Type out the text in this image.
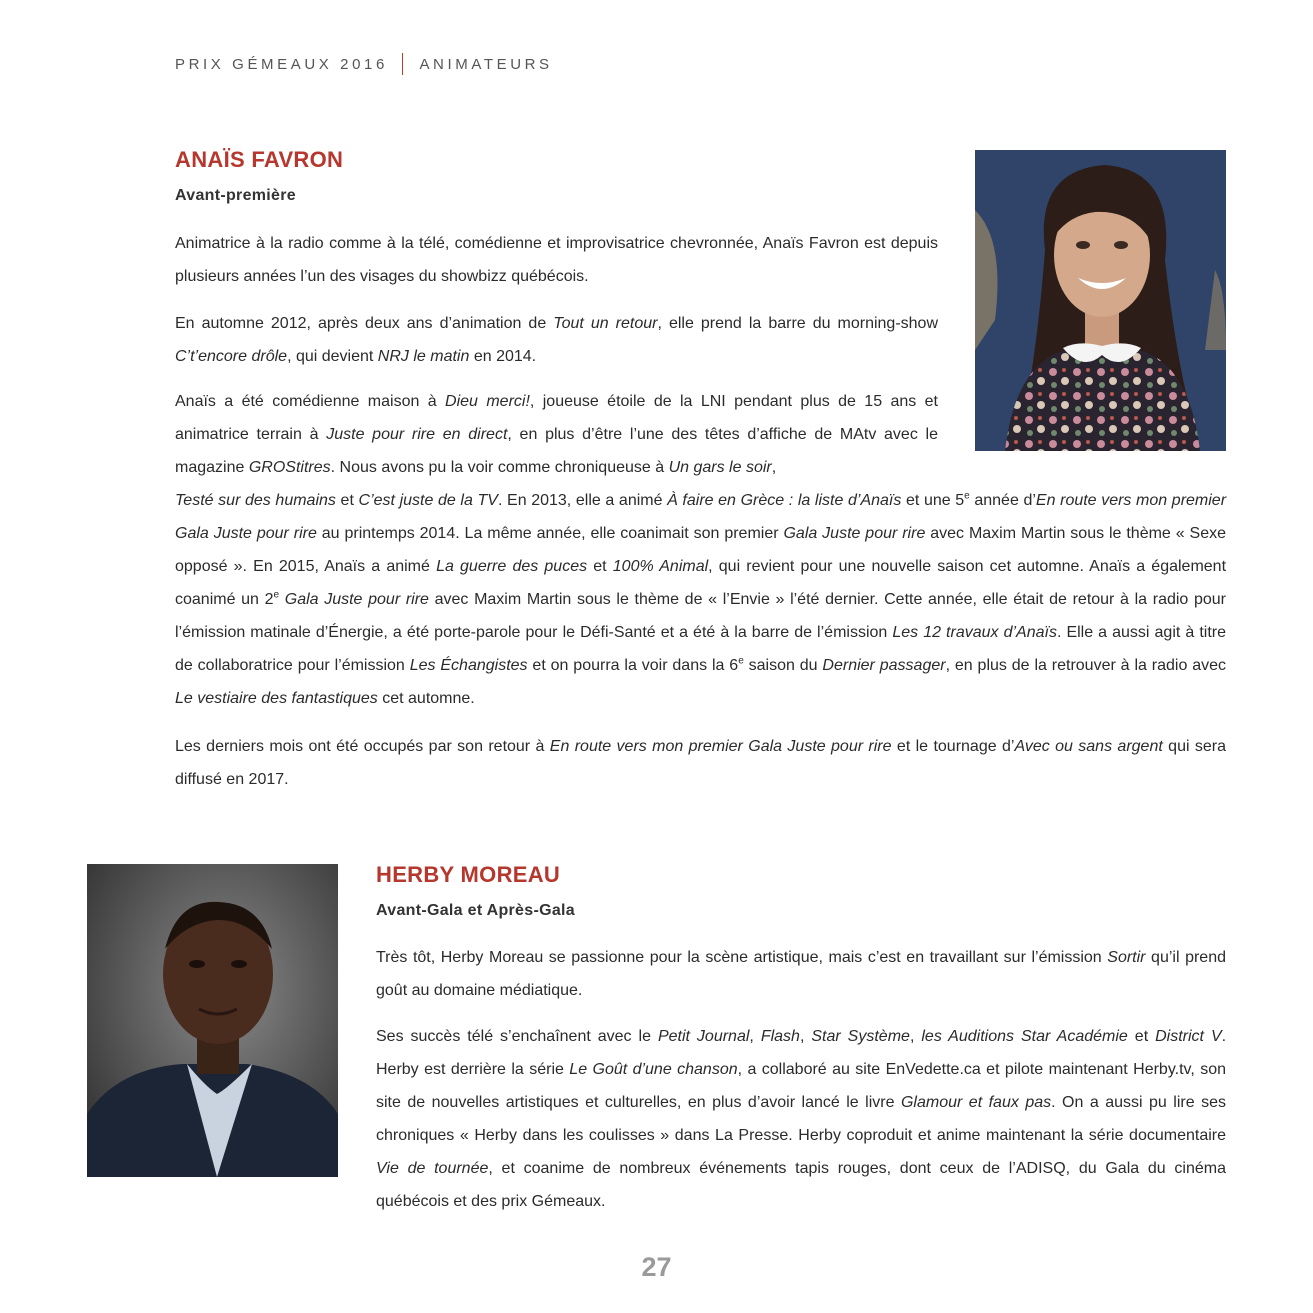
PRIX GÉMEAUX 2016 ANIMATEURS
ANAÏS FAVRON
Avant-première

Animatrice à la radio comme à la télé, comédienne et improvisatrice chevronnée, Anaïs Favron est depuis plusieurs années l’un des visages du showbizz québécois.

En automne 2012, après deux ans d’animation de Tout un retour, elle prend la barre du morning-show C’t’encore drôle, qui devient NRJ le matin en 2014.

Anaïs a été comédienne maison à Dieu merci!, joueuse étoile de la LNI pendant plus de 15 ans et animatrice terrain à Juste pour rire en direct, en plus d’être l’une des têtes d’affiche de MAtv avec le magazine GROStitres. Nous avons pu la voir comme chroniqueuse à Un gars le soir,

Testé sur des humains et C’est juste de la TV. En 2013, elle a animé À faire en Grèce : la liste d’Anaïs et une 5e année d’En route vers mon premier Gala Juste pour rire au printemps 2014. La même année, elle coanimait son premier Gala Juste pour rire avec Maxim Martin sous le thème « Sexe opposé ». En 2015, Anaïs a animé La guerre des puces et 100% Animal, qui revient pour une nouvelle saison cet automne. Anaïs a également coanimé un 2e Gala Juste pour rire avec Maxim Martin sous le thème de « l’Envie » l’été dernier. Cette année, elle était de retour à la radio pour l’émission matinale d’Énergie, a été porte-parole pour le Défi-Santé et a été à la barre de l’émission Les 12 travaux d’Anaïs. Elle a aussi agit à titre de collaboratrice pour l’émission Les Échangistes et on pourra la voir dans la 6e saison du Dernier passager, en plus de la retrouver à la radio avec Le vestiaire des fantastiques cet automne.

Les derniers mois ont été occupés par son retour à En route vers mon premier Gala Juste pour rire et le tournage d’Avec ou sans argent qui sera diffusé en 2017.

HERBY MOREAU
Avant-Gala et Après-Gala

Très tôt, Herby Moreau se passionne pour la scène artistique, mais c’est en travaillant sur l’émission Sortir qu’il prend goût au domaine médiatique.

Ses succès télé s’enchaînent avec le Petit Journal, Flash, Star Système, les Auditions Star Académie et District V. Herby est derrière la série Le Goût d’une chanson, a collaboré au site EnVedette.ca et pilote maintenant Herby.tv, son site de nouvelles artistiques et culturelles, en plus d’avoir lancé le livre Glamour et faux pas. On a aussi pu lire ses chroniques « Herby dans les coulisses » dans La Presse. Herby coproduit et anime maintenant la série documentaire Vie de tournée, et coanime de nombreux événements tapis rouges, dont ceux de l’ADISQ, du Gala du cinéma québécois et des prix Gémeaux.

27
